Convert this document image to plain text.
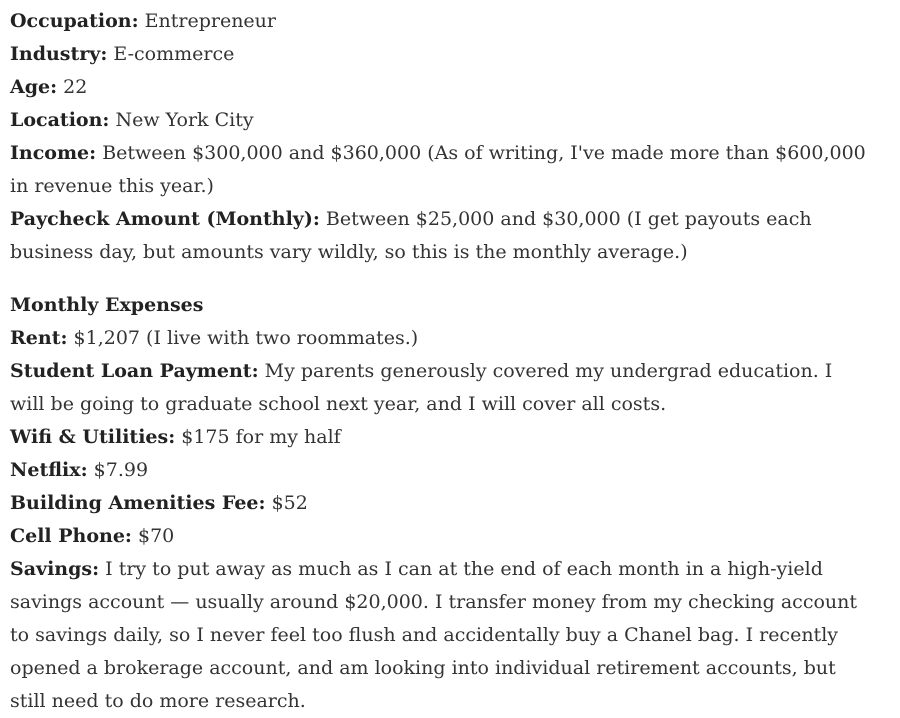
Occupation: Entrepreneur

Industry: E-commerce

Age: 22

Location: New York City

Income: Between $300,000 and $360,000 (As of writing, I've made more than $600,000 in revenue this year.)

Paycheck Amount (Monthly): Between $25,000 and $30,000 (I get payouts each business day, but amounts vary wildly, so this is the monthly average.)

Monthly Expenses

Rent: $1,207 (I live with two roommates.)

Student Loan Payment: My parents generously covered my undergrad education. I will be going to graduate school next year, and I will cover all costs.

Wifi & Utilities: $175 for my half

Netflix: $7.99

Building Amenities Fee: $52

Cell Phone: $70

Savings: I try to put away as much as I can at the end of each month in a high-yield savings account — usually around $20,000. I transfer money from my checking account to savings daily, so I never feel too flush and accidentally buy a Chanel bag. I recently opened a brokerage account, and am looking into individual retirement accounts, but still need to do more research.
